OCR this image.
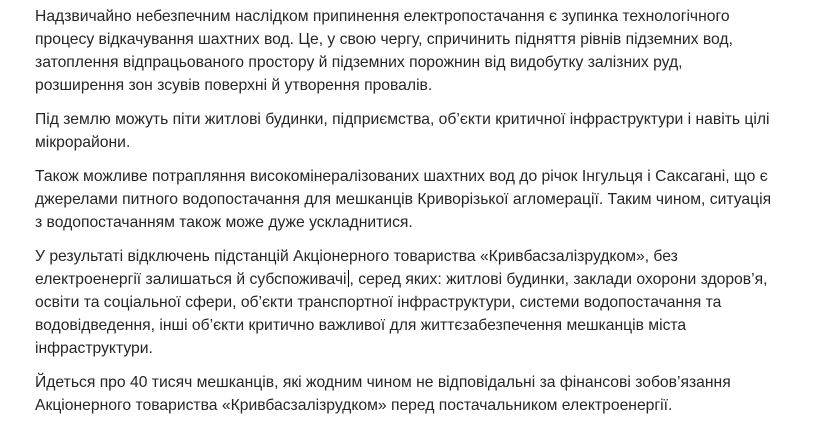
Надзвичайно небезпечним наслідком припинення електропостачання є зупинка технологічного
процесу відкачування шахтних вод. Це, у свою чергу, спричинить підняття рівнів підземних вод,
затоплення відпрацьованого простору й підземних порожнин від видобутку залізних руд,
розширення зон зсувів поверхні й утворення провалів.

Під землю можуть піти житлові будинки, підприємства, об’єкти критичної інфраструктури і навіть цілі
мікрорайони.

Також можливе потрапляння високомінералізованих шахтних вод до річок Інгульця і Саксагані, що є
джерелами питного водопостачання для мешканців Криворізької агломерації. Таким чином, ситуація
з водопостачанням також може дуже ускладнитися.

У результаті відключень підстанцій Акціонерного товариства «Кривбасзалізрудком», без
електроенергії залишаться й субспоживачі , серед яких: житлові будинки, заклади охорони здоров’я,
освіти та соціальної сфери, об’єкти транспортної інфраструктури, системи водопостачання та
водовідведення, інші об’єкти критично важливої для життєзабезпечення мешканців міста
інфраструктури.

Йдеться про 40 тисяч мешканців, які жодним чином не відповідальні за фінансові зобов’язання
Акціонерного товариства «Кривбасзалізрудком» перед постачальником електроенергії.
